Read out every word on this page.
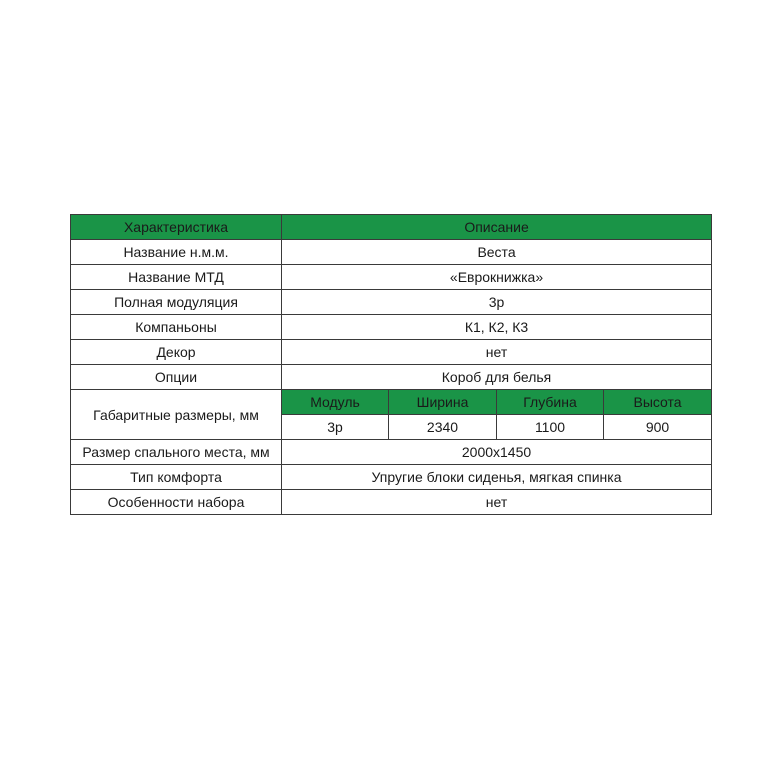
Характеристика	Описание			
Название н.м.м.	Веста			
Название МТД	«Еврокнижка»			
Полная модуляция	3р			
Компаньоны	К1, К2, К3			
Декор	нет			
Опции	Короб для белья			
Габаритные размеры, мм	Модуль	Ширина	Глубина	Высота
	3р	2340	1100	900
Размер спального места, мм	2000х1450			
Тип комфорта	Упругие блоки сиденья, мягкая спинка			
Особенности набора	нет			
